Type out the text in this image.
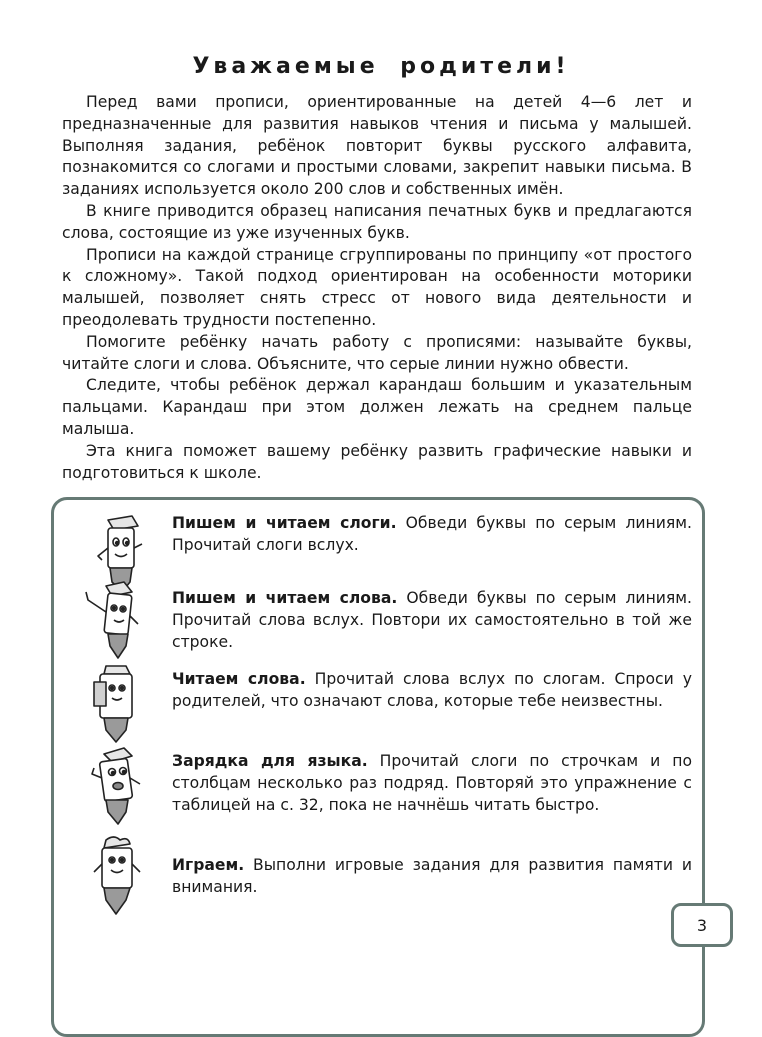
Уважаемые родители!

Перед вами прописи, ориентированные на детей 4—6 лет и предназначенные для развития навыков чтения и письма у малышей. Выполняя задания, ребёнок повторит буквы русского алфавита, познакомится со слогами и простыми словами, закрепит навыки письма. В заданиях используется около 200 слов и собственных имён.

В книге приводится образец написания печатных букв и предлагаются слова, состоящие из уже изученных букв.

Прописи на каждой странице сгруппированы по принципу «от простого к сложному». Такой подход ориентирован на особенности моторики малышей, позволяет снять стресс от нового вида деятельности и преодолевать трудности постепенно.

Помогите ребёнку начать работу с прописями: называйте буквы, читайте слоги и слова. Объясните, что серые линии нужно обвести.

Следите, чтобы ребёнок держал карандаш большим и указательным пальцами. Карандаш при этом должен лежать на среднем пальце малыша.

Эта книга поможет вашему ребёнку развить графические навыки и подготовиться к школе.

Пишем и читаем слоги. Обведи буквы по серым линиям. Прочитай слоги вслух.
Пишем и читаем слова. Обведи буквы по серым линиям. Прочитай слова вслух. Повтори их самостоятельно в той же строке.
Читаем слова. Прочитай слова вслух по слогам. Спроси у родителей, что означают слова, которые тебе неизвестны.
Зарядка для языка. Прочитай слоги по строчкам и по столбцам несколько раз подряд. Повторяй это упражнение с таблицей на с. 32, пока не начнёшь читать быстро.
Играем. Выполни игровые задания для развития памяти и внимания.
3
